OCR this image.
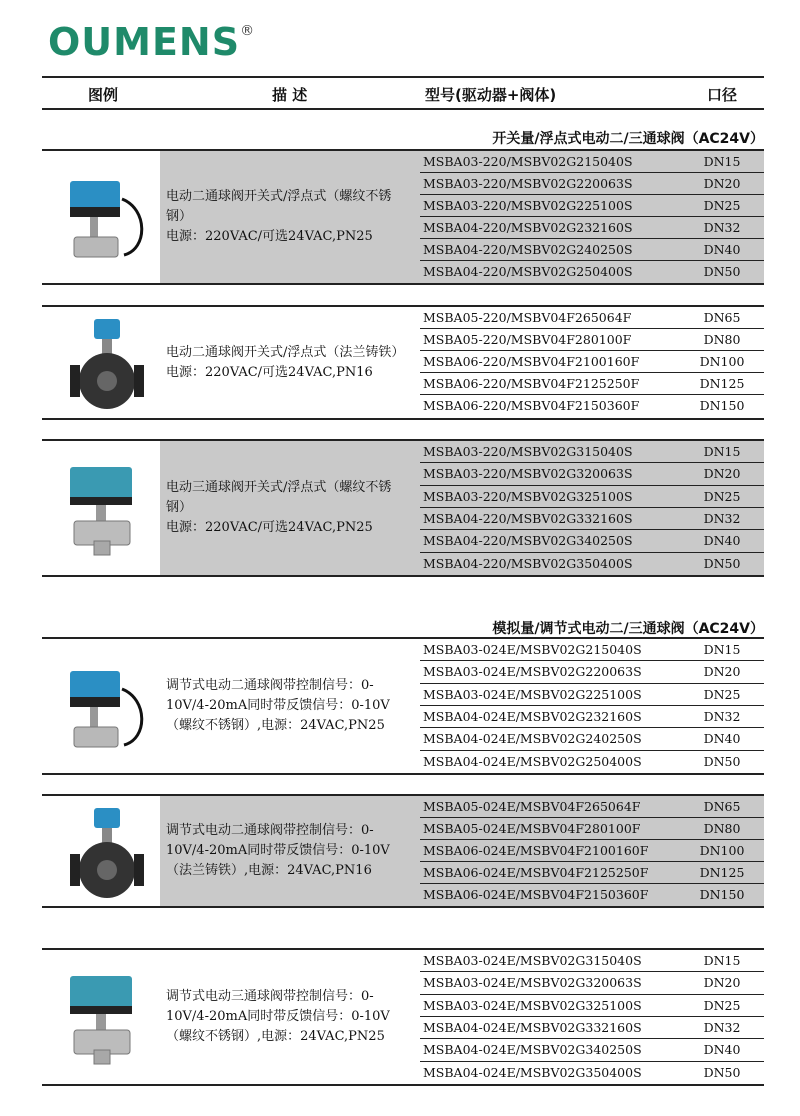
OUMENS®
图例	描 述	型号(驱动器+阀体)	口径
开关量/浮点式电动二/三通球阀（AC24V）
电动二通球阀开关式/浮点式（螺纹不锈钢）
电源：220VAC/可选24VAC,PN25
MSBA03-220/MSBV02G215040S	DN15
MSBA03-220/MSBV02G220063S	DN20
MSBA03-220/MSBV02G225100S	DN25
MSBA04-220/MSBV02G232160S	DN32
MSBA04-220/MSBV02G240250S	DN40
MSBA04-220/MSBV02G250400S	DN50
电动二通球阀开关式/浮点式（法兰铸铁）
电源：220VAC/可选24VAC,PN16
MSBA05-220/MSBV04F265064F	DN65
MSBA05-220/MSBV04F280100F	DN80
MSBA06-220/MSBV04F2100160F	DN100
MSBA06-220/MSBV04F2125250F	DN125
MSBA06-220/MSBV04F2150360F	DN150
电动三通球阀开关式/浮点式（螺纹不锈钢）
电源：220VAC/可选24VAC,PN25
MSBA03-220/MSBV02G315040S	DN15
MSBA03-220/MSBV02G320063S	DN20
MSBA03-220/MSBV02G325100S	DN25
MSBA04-220/MSBV02G332160S	DN32
MSBA04-220/MSBV02G340250S	DN40
MSBA04-220/MSBV02G350400S	DN50
模拟量/调节式电动二/三通球阀（AC24V）
调节式电动二通球阀带控制信号：0-10V/4-20mA同时带反馈信号：0-10V（螺纹不锈钢）,电源：24VAC,PN25
MSBA03-024E/MSBV02G215040S	DN15
MSBA03-024E/MSBV02G220063S	DN20
MSBA03-024E/MSBV02G225100S	DN25
MSBA04-024E/MSBV02G232160S	DN32
MSBA04-024E/MSBV02G240250S	DN40
MSBA04-024E/MSBV02G250400S	DN50
调节式电动二通球阀带控制信号：0-10V/4-20mA同时带反馈信号：0-10V（法兰铸铁）,电源：24VAC,PN16
MSBA05-024E/MSBV04F265064F	DN65
MSBA05-024E/MSBV04F280100F	DN80
MSBA06-024E/MSBV04F2100160F	DN100
MSBA06-024E/MSBV04F2125250F	DN125
MSBA06-024E/MSBV04F2150360F	DN150
调节式电动三通球阀带控制信号：0-10V/4-20mA同时带反馈信号：0-10V（螺纹不锈钢）,电源：24VAC,PN25
MSBA03-024E/MSBV02G315040S	DN15
MSBA03-024E/MSBV02G320063S	DN20
MSBA03-024E/MSBV02G325100S	DN25
MSBA04-024E/MSBV02G332160S	DN32
MSBA04-024E/MSBV02G340250S	DN40
MSBA04-024E/MSBV02G350400S	DN50
